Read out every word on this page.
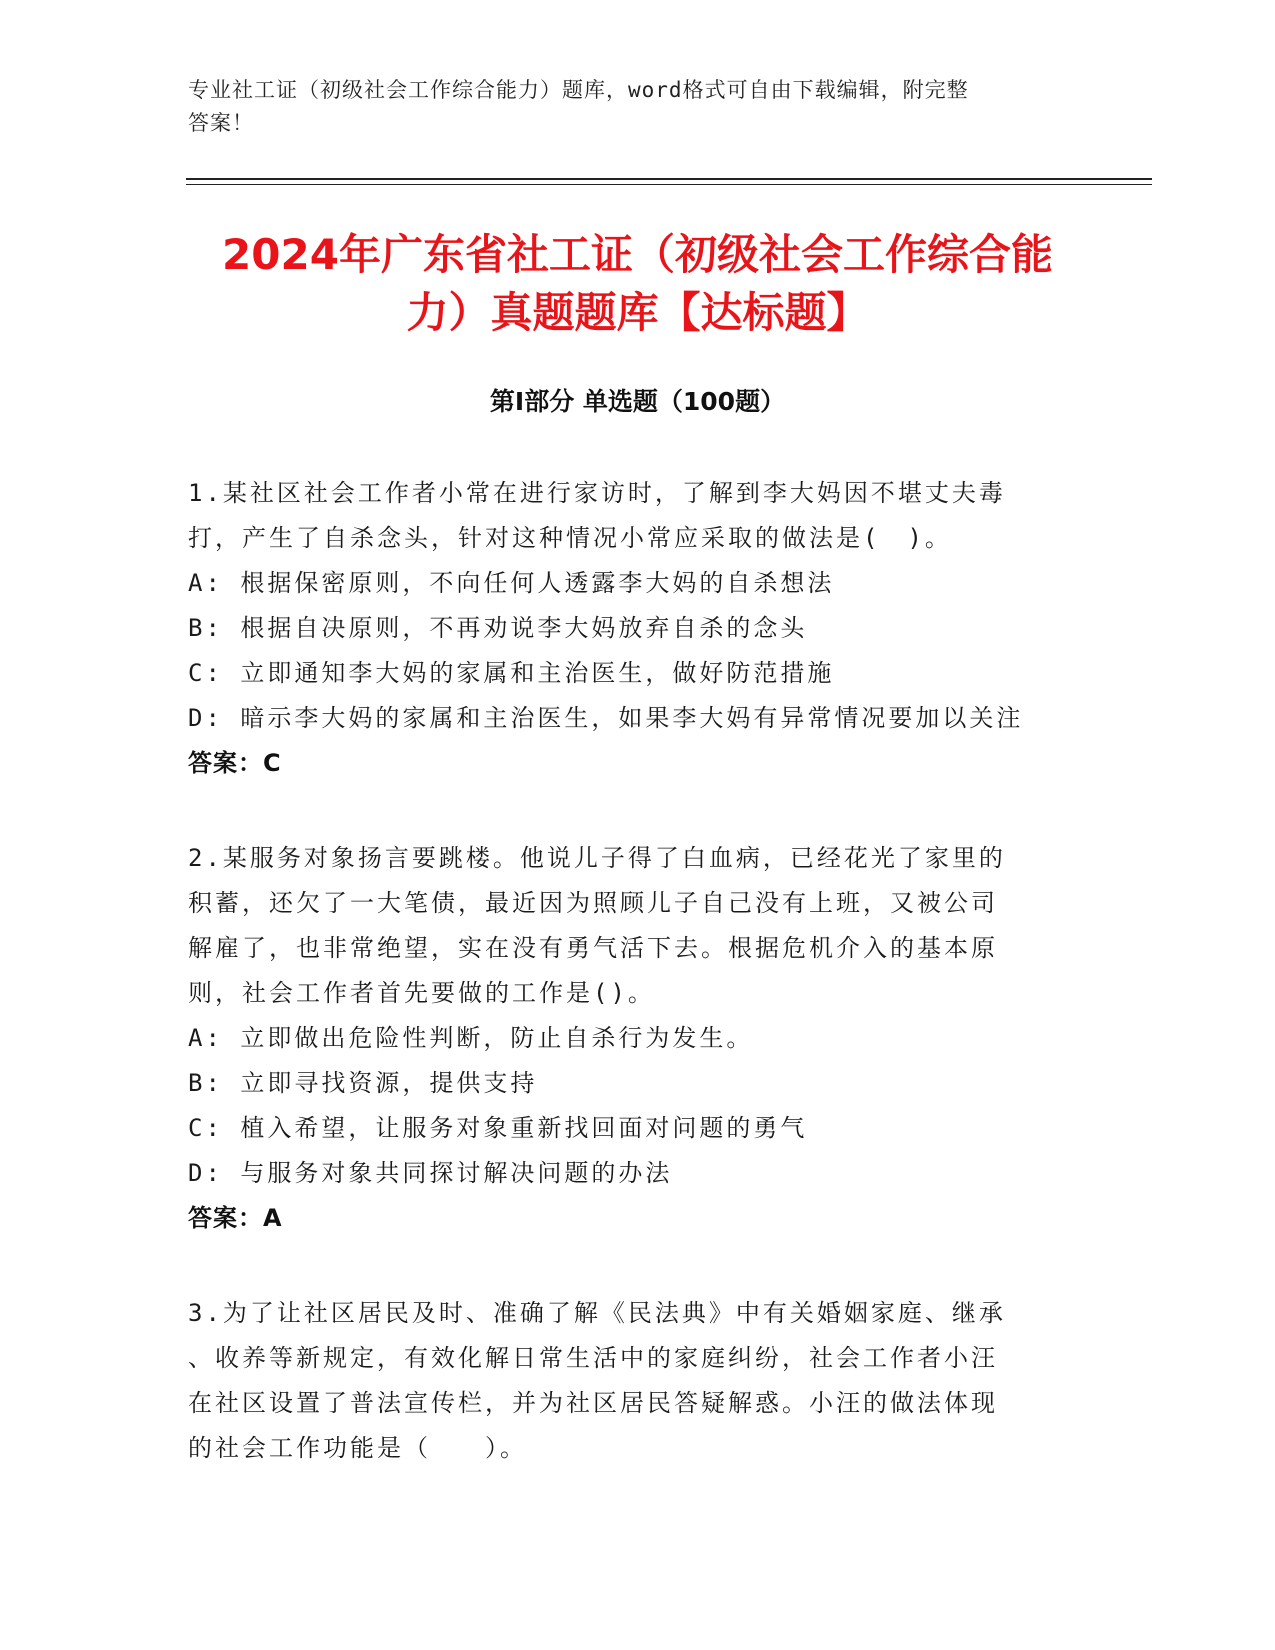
专业社工证（初级社会工作综合能力）题库，word格式可自由下载编辑，附完整
答案！
2024年广东省社工证（初级社会工作综合能
力）真题题库【达标题】
第Ⅰ部分 单选题（100题）
1.某社区社会工作者小常在进行家访时，了解到李大妈因不堪丈夫毒
打，产生了自杀念头，针对这种情况小常应采取的做法是(　)。
A: 根据保密原则，不向任何人透露李大妈的自杀想法
B: 根据自决原则，不再劝说李大妈放弃自杀的念头
C: 立即通知李大妈的家属和主治医生，做好防范措施
D: 暗示李大妈的家属和主治医生，如果李大妈有异常情况要加以关注
答案：C
2.某服务对象扬言要跳楼。他说儿子得了白血病，已经花光了家里的
积蓄，还欠了一大笔债，最近因为照顾儿子自己没有上班，又被公司
解雇了，也非常绝望，实在没有勇气活下去。根据危机介入的基本原
则，社会工作者首先要做的工作是()。
A: 立即做出危险性判断，防止自杀行为发生。
B: 立即寻找资源，提供支持
C: 植入希望，让服务对象重新找回面对问题的勇气
D: 与服务对象共同探讨解决问题的办法
答案：A
3.为了让社区居民及时、准确了解《民法典》中有关婚姻家庭、继承
、收养等新规定，有效化解日常生活中的家庭纠纷，社会工作者小汪
在社区设置了普法宣传栏，并为社区居民答疑解惑。小汪的做法体现
的社会工作功能是（　　）。
